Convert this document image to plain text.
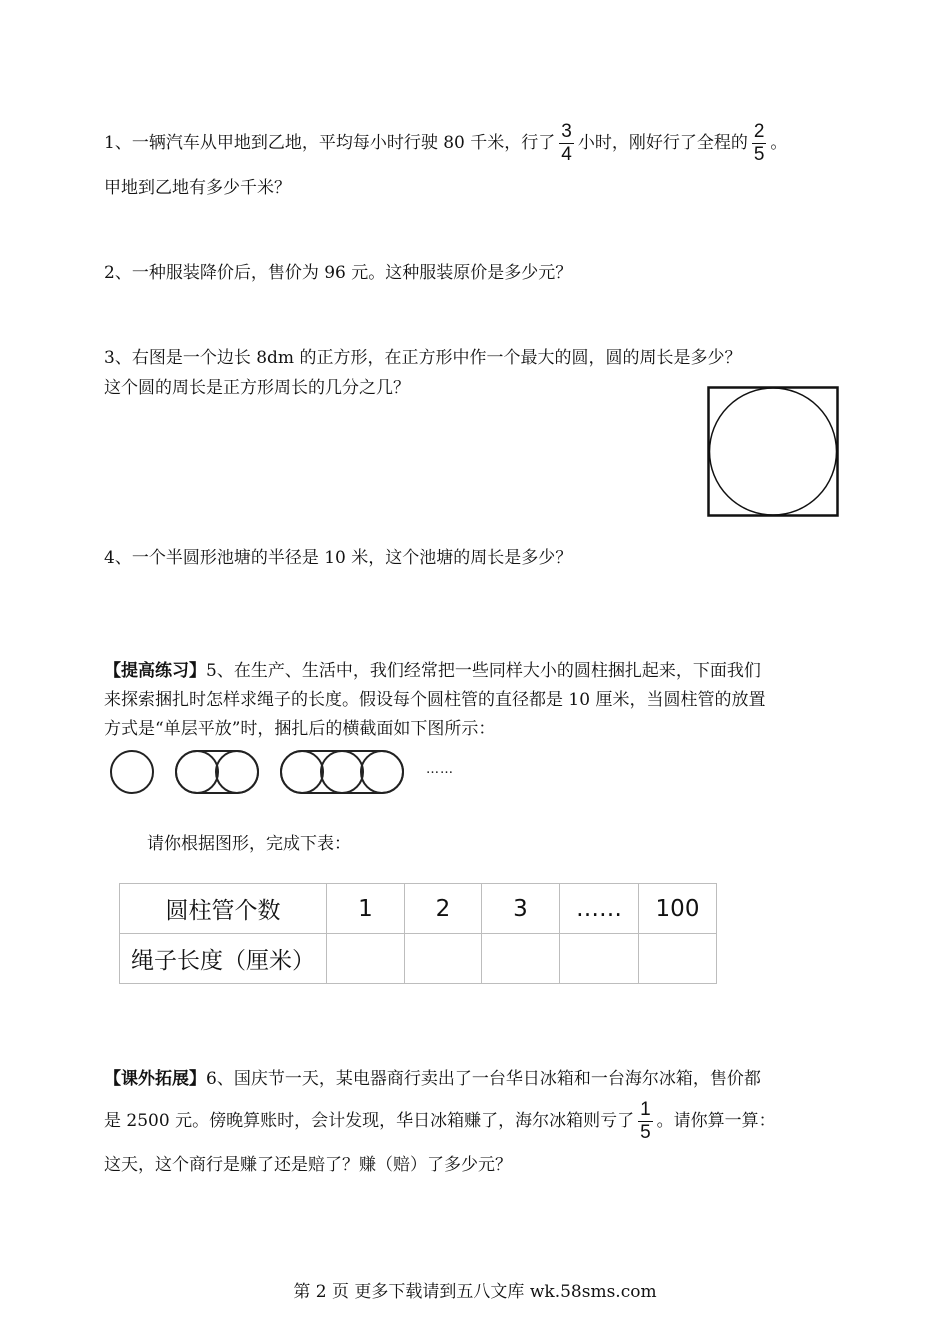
1、一辆汽车从甲地到乙地，平均每小时行驶 80 千米，行了 $\frac{3}{4}$ 小时，刚好行了全程的 $\frac{2}{5}$ 。
甲地到乙地有多少千米？
2、一种服装降价后，售价为 96 元。这种服装原价是多少元？
3、右图是一个边长 8dm 的正方形，在正方形中作一个最大的圆，圆的周长是多少？
这个圆的周长是正方形周长的几分之几？
4、一个半圆形池塘的半径是 10 米，这个池塘的周长是多少？
【提高练习】5、在生产、生活中，我们经常把一些同样大小的圆柱捆扎起来，下面我们
来探索捆扎时怎样求绳子的长度。假设每个圆柱管的直径都是 10 厘米，当圆柱管的放置
方式是“单层平放”时，捆扎后的横截面如下图所示：
……
请你根据图形，完成下表：
圆柱管个数	1	2	3	……	100
绳子长度（厘米）					
【课外拓展】6、国庆节一天，某电器商行卖出了一台华日冰箱和一台海尔冰箱，售价都
是 2500 元。傍晚算账时，会计发现，华日冰箱赚了，海尔冰箱则亏了 $\frac{1}{5}$ 。请你算一算：
这天，这个商行是赚了还是赔了？赚（赔）了多少元？
第 2 页 更多下载请到五八文库 wk.58sms.com
